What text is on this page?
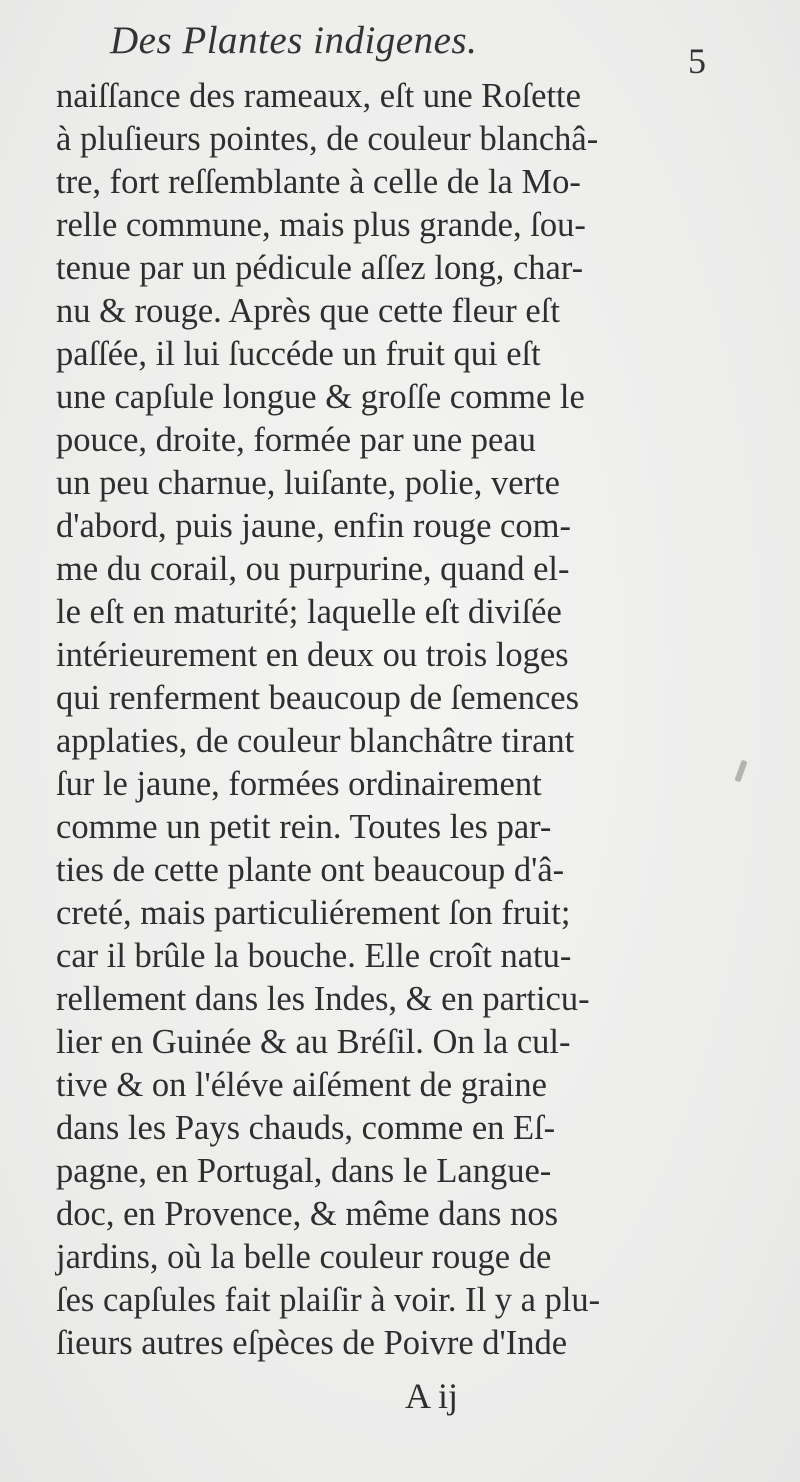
Des Plantes indigenes.	5
naiſſance des rameaux, eſt une Roſette
à pluſieurs pointes, de couleur blanchâ-
tre, fort reſſemblante à celle de la Mo-
relle commune, mais plus grande, ſou-
tenue par un pédicule aſſez long, char-
nu & rouge. Après que cette fleur eſt
paſſée, il lui ſuccéde un fruit qui eſt
une capſule longue & groſſe comme le
pouce, droite, formée par une peau
un peu charnue, luiſante, polie, verte
d'abord, puis jaune, enfin rouge com-
me du corail, ou purpurine, quand el-
le eſt en maturité; laquelle eſt diviſée
intérieurement en deux ou trois loges
qui renferment beaucoup de ſemences
applaties, de couleur blanchâtre tirant
ſur le jaune, formées ordinairement
comme un petit rein. Toutes les par-
ties de cette plante ont beaucoup d'â-
creté, mais particuliérement ſon fruit;
car il brûle la bouche. Elle croît natu-
rellement dans les Indes, & en particu-
lier en Guinée & au Bréſil. On la cul-
tive & on l'éléve aiſément de graine
dans les Pays chauds, comme en Eſ-
pagne, en Portugal, dans le Langue-
doc, en Provence, & même dans nos
jardins, où la belle couleur rouge de
ſes capſules fait plaiſir à voir. Il y a plu-
ſieurs autres eſpèces de Poivre d'Inde
A ij
